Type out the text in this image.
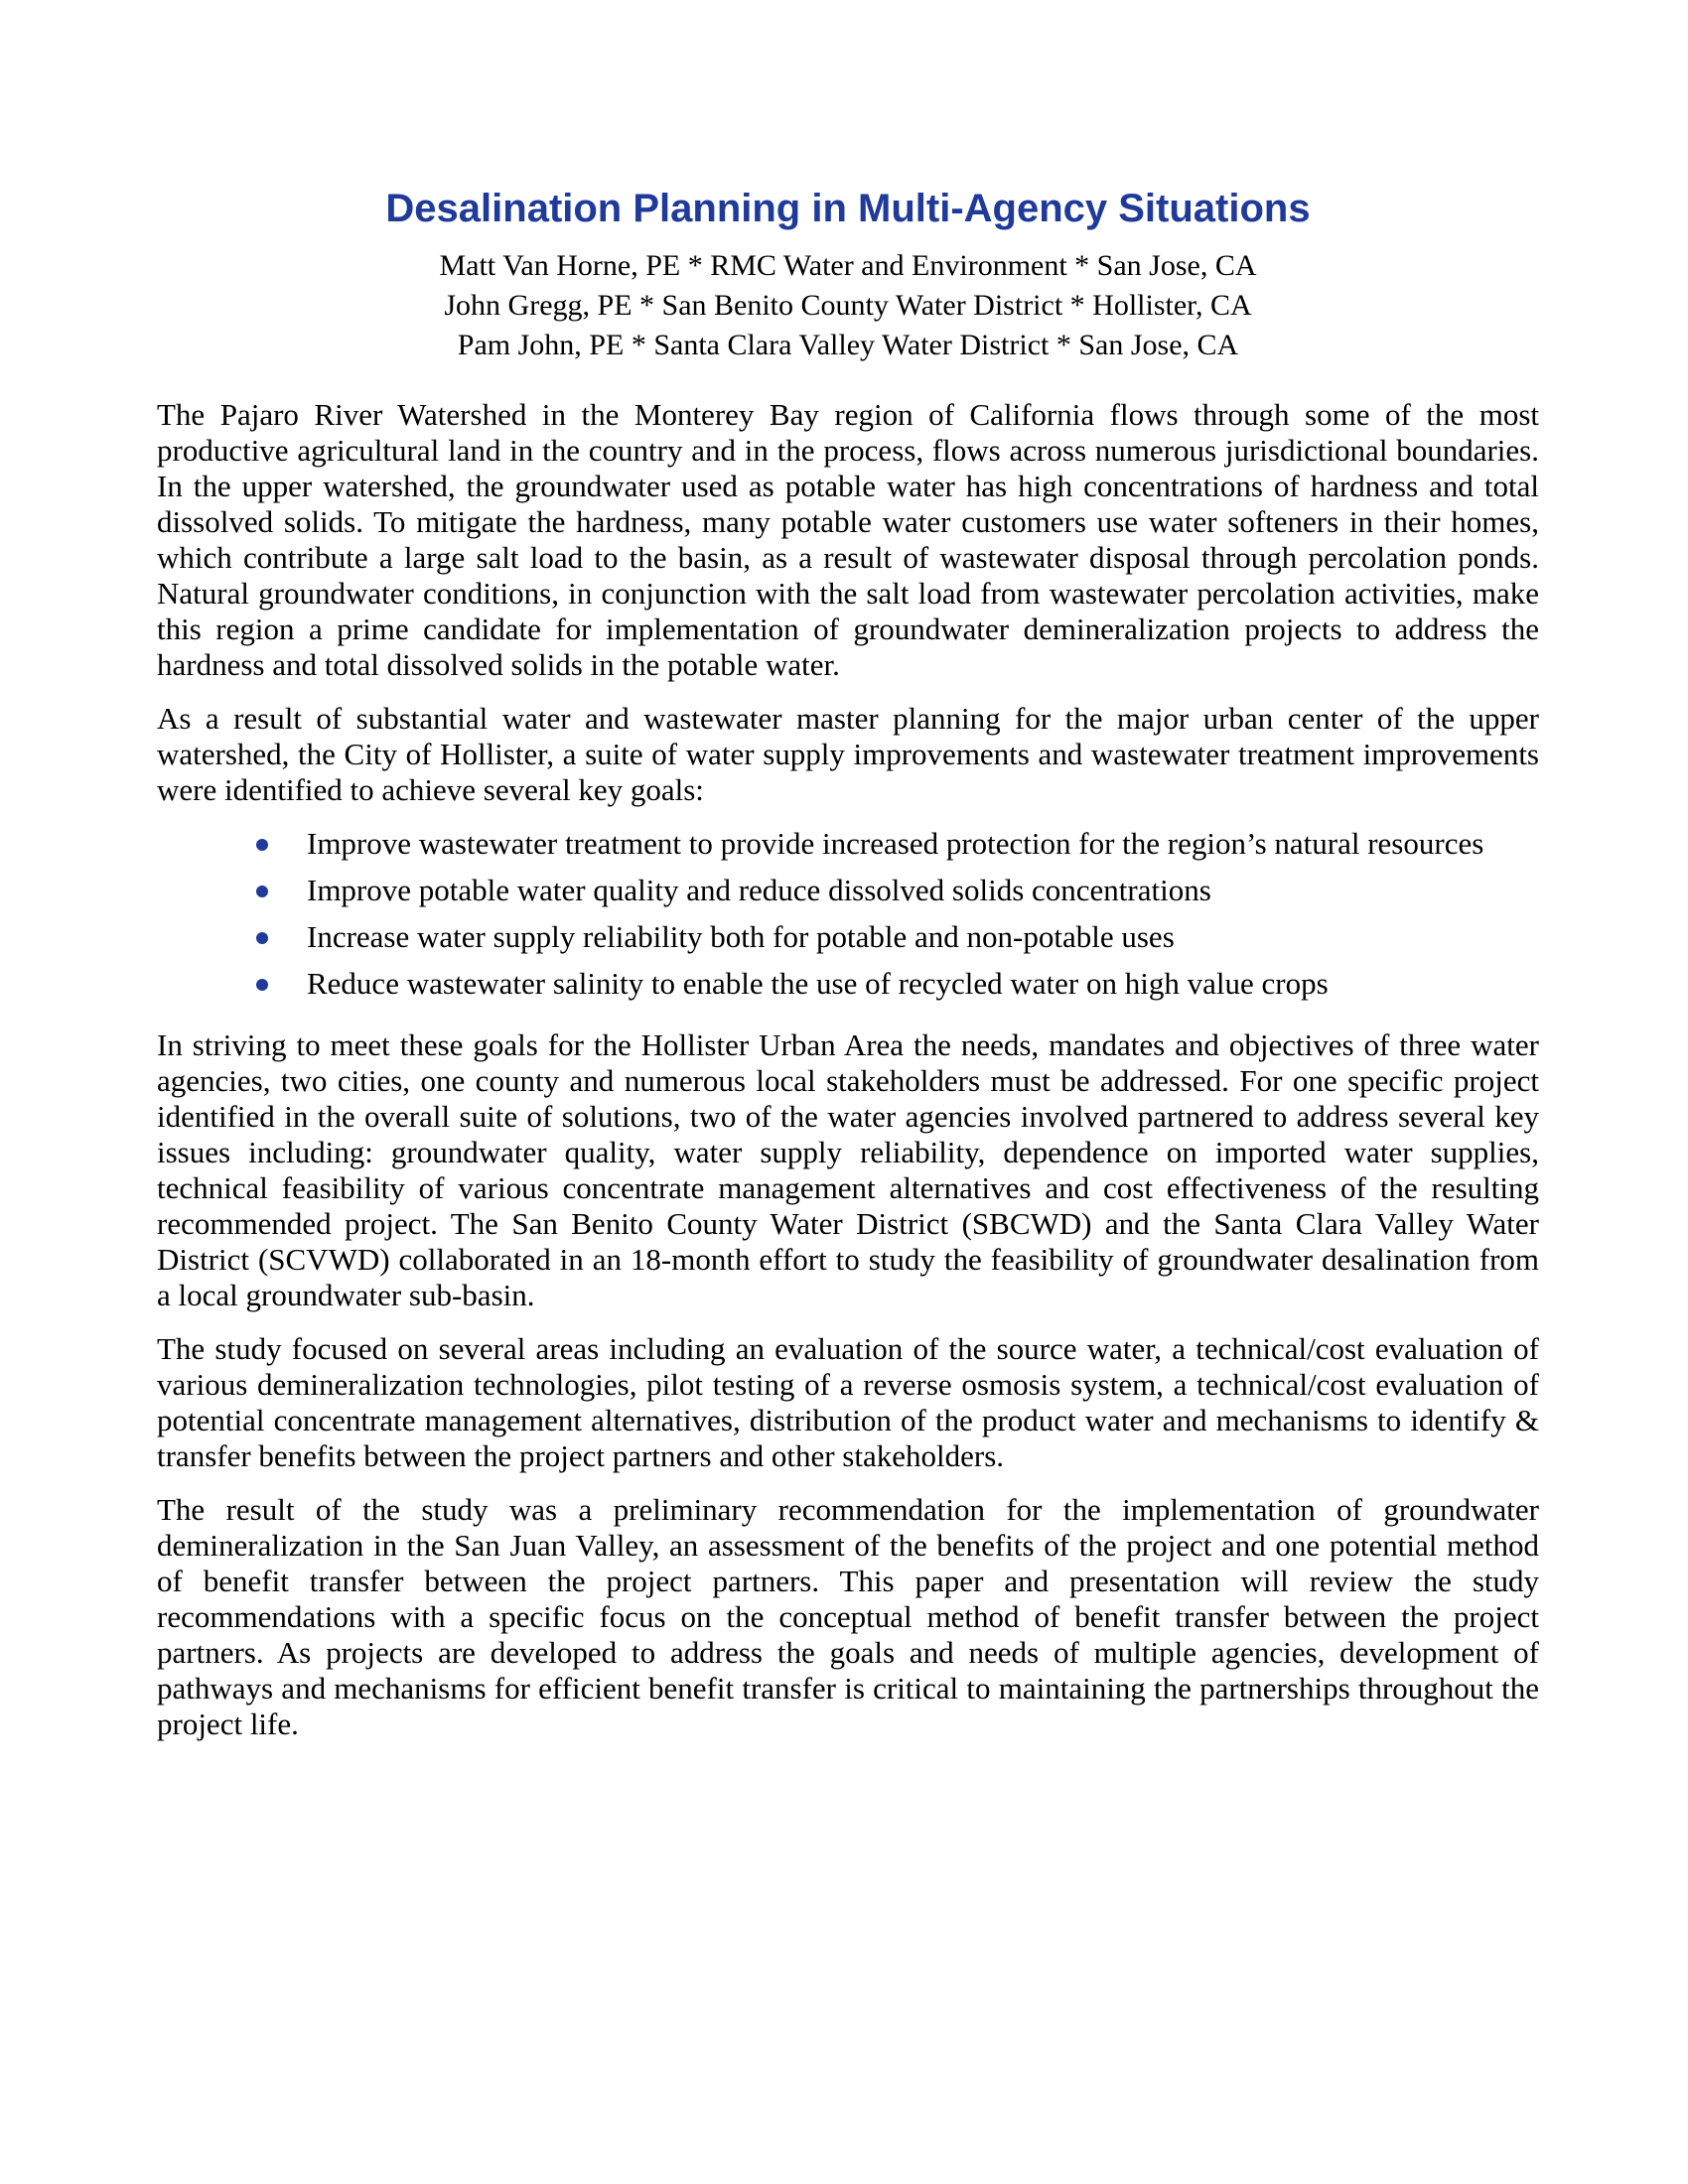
Desalination Planning in Multi-Agency Situations
Matt Van Horne, PE * RMC Water and Environment * San Jose, CA
John Gregg, PE * San Benito County Water District * Hollister, CA
Pam John, PE * Santa Clara Valley Water District * San Jose, CA

The Pajaro River Watershed in the Monterey Bay region of California flows through some of the most productive agricultural land in the country and in the process, flows across numerous jurisdictional boundaries. In the upper watershed, the groundwater used as potable water has high concentrations of hardness and total dissolved solids. To mitigate the hardness, many potable water customers use water softeners in their homes, which contribute a large salt load to the basin, as a result of wastewater disposal through percolation ponds. Natural groundwater conditions, in conjunction with the salt load from wastewater percolation activities, make this region a prime candidate for implementation of groundwater demineralization projects to address the hardness and total dissolved solids in the potable water.

As a result of substantial water and wastewater master planning for the major urban center of the upper watershed, the City of Hollister, a suite of water supply improvements and wastewater treatment improvements were identified to achieve several key goals:

Improve wastewater treatment to provide increased protection for the region’s natural resources
Improve potable water quality and reduce dissolved solids concentrations
Increase water supply reliability both for potable and non-potable uses
Reduce wastewater salinity to enable the use of recycled water on high value crops

In striving to meet these goals for the Hollister Urban Area the needs, mandates and objectives of three water agencies, two cities, one county and numerous local stakeholders must be addressed. For one specific project identified in the overall suite of solutions, two of the water agencies involved partnered to address several key issues including: groundwater quality, water supply reliability, dependence on imported water supplies, technical feasibility of various concentrate management alternatives and cost effectiveness of the resulting recommended project. The San Benito County Water District (SBCWD) and the Santa Clara Valley Water District (SCVWD) collaborated in an 18-month effort to study the feasibility of groundwater desalination from a local groundwater sub-basin.

The study focused on several areas including an evaluation of the source water, a technical/cost evaluation of various demineralization technologies, pilot testing of a reverse osmosis system, a technical/cost evaluation of potential concentrate management alternatives, distribution of the product water and mechanisms to identify & transfer benefits between the project partners and other stakeholders.

The result of the study was a preliminary recommendation for the implementation of groundwater demineralization in the San Juan Valley, an assessment of the benefits of the project and one potential method of benefit transfer between the project partners. This paper and presentation will review the study recommendations with a specific focus on the conceptual method of benefit transfer between the project partners. As projects are developed to address the goals and needs of multiple agencies, development of pathways and mechanisms for efficient benefit transfer is critical to maintaining the partnerships throughout the project life.
